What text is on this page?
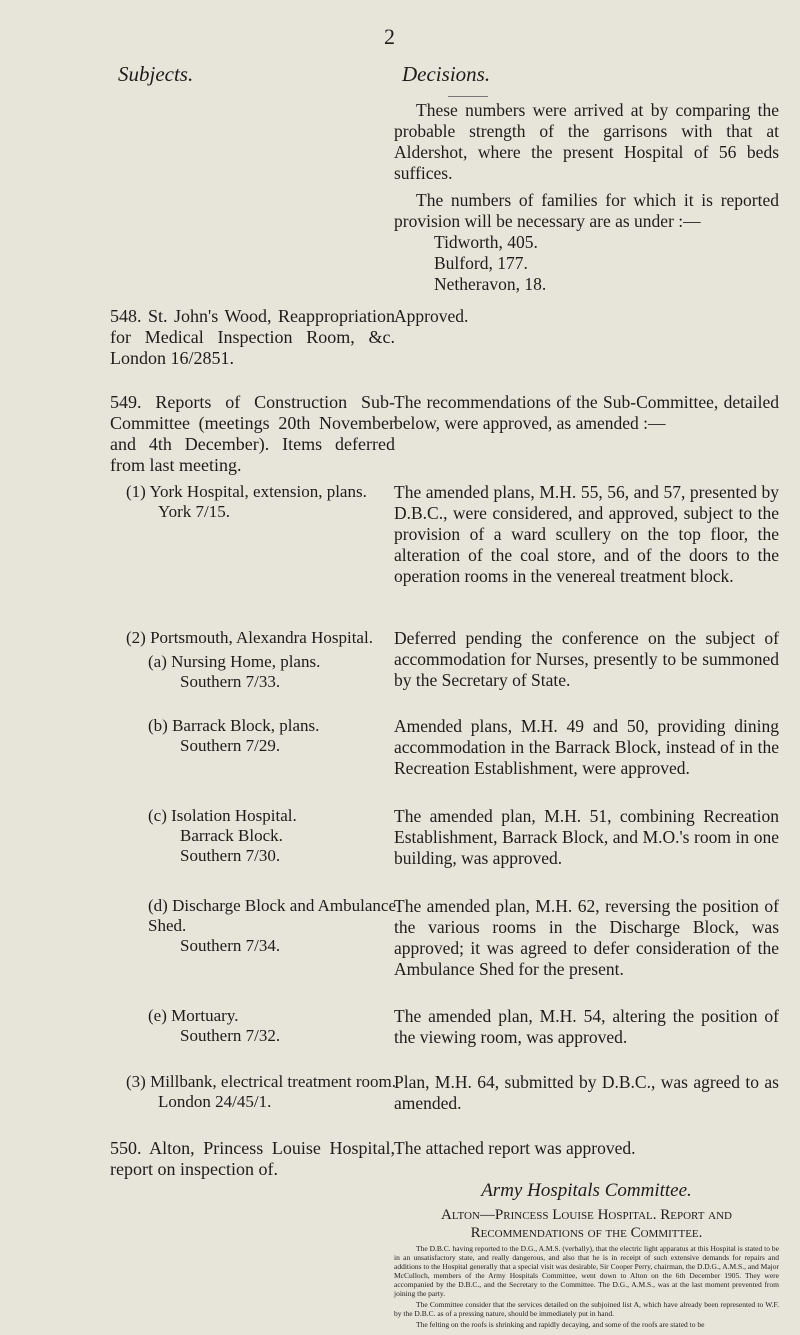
2
Subjects.	Decisions.
These numbers were arrived at by comparing the probable strength of the garrisons with that at Aldershot, where the present Hospital of 56 beds suffices.
The numbers of families for which it is reported provision will be necessary are as under :—
Tidworth, 405.
Bulford, 177.
Netheravon, 18.
548. St. John's Wood, Reappropriation for Medical Inspection Room, &c. London 16/2851.
Approved.
549. Reports of Construction Sub-Committee (meetings 20th November and 4th December). Items deferred from last meeting.
The recommendations of the Sub-Committee, detailed below, were approved, as amended :—
(1) York Hospital, extension, plans.
York 7/15.
The amended plans, M.H. 55, 56, and 57, presented by D.B.C., were considered, and approved, subject to the provision of a ward scullery on the top floor, the alteration of the coal store, and of the doors to the operation rooms in the venereal treatment block.
(2) Portsmouth, Alexandra Hospital.
(a) Nursing Home, plans.
Southern 7/33.
Deferred pending the conference on the subject of accommodation for Nurses, presently to be summoned by the Secretary of State.
(b) Barrack Block, plans.
Southern 7/29.
Amended plans, M.H. 49 and 50, providing dining accommodation in the Barrack Block, instead of in the Recreation Establishment, were approved.
(c) Isolation Hospital.
Barrack Block.
Southern 7/30.
The amended plan, M.H. 51, combining Recreation Establishment, Barrack Block, and M.O.'s room in one building, was approved.
(d) Discharge Block and Ambulance Shed.
Southern 7/34.
The amended plan, M.H. 62, reversing the position of the various rooms in the Discharge Block, was approved; it was agreed to defer consideration of the Ambulance Shed for the present.
(e) Mortuary.
Southern 7/32.
The amended plan, M.H. 54, altering the position of the viewing room, was approved.
(3) Millbank, electrical treatment room.
London 24/45/1.
Plan, M.H. 64, submitted by D.B.C., was agreed to as amended.
550. Alton, Princess Louise Hospital, report on inspection of.
The attached report was approved.
Army Hospitals Committee.
Alton—Princess Louise Hospital. Report and Recommendations of the Committee.
The D.B.C. having reported to the D.G., A.M.S. (verbally), that the electric light apparatus at this Hospital is stated to be in an unsatisfactory state, and really dangerous, and also that he is in receipt of such extensive demands for repairs and additions to the Hospital generally that a special visit was desirable, Sir Cooper Perry, chairman, the D.D.G., A.M.S., and Major McCulloch, members of the Army Hospitals Committee, went down to Alton on the 6th December 1905. They were accompanied by the D.B.C., and the Secretary to the Committee. The D.G., A.M.S., was at the last moment prevented from joining the party.
The Committee consider that the services detailed on the subjoined list A, which have already been represented to W.F. by the D.B.C. as of a pressing nature, should be immediately put in hand.
The felting on the roofs is shrinking and rapidly decaying, and some of the roofs are stated to be
